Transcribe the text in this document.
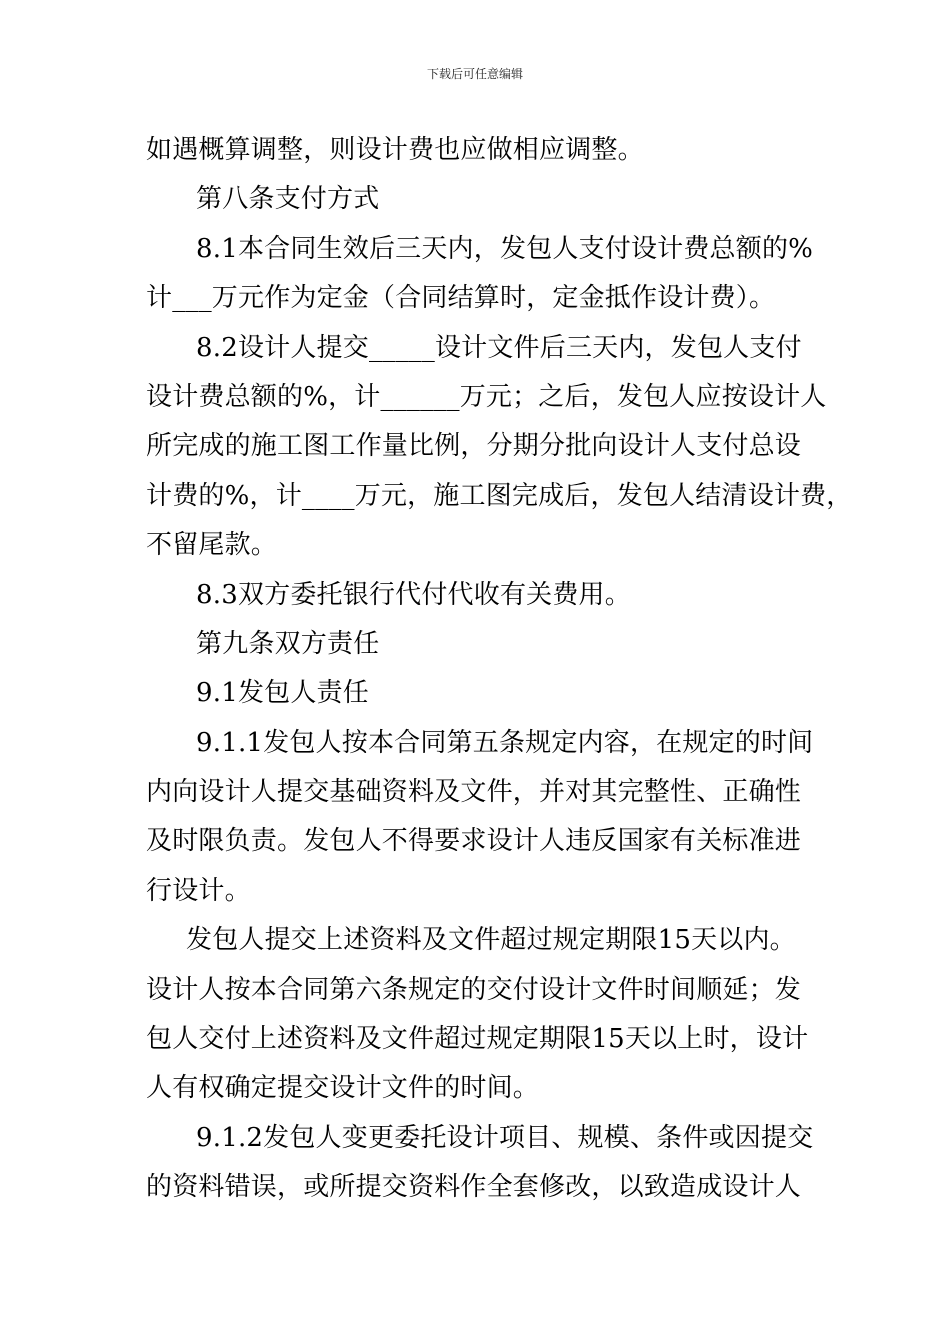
下载后可任意编辑
如遇概算调整，则设计费也应做相应调整。
第八条支付方式
8.1本合同生效后三天内，发包人支付设计费总额的%
计___万元作为定金（合同结算时，定金抵作设计费）。
8.2设计人提交_____设计文件后三天内，发包人支付
设计费总额的%，计______万元；之后，发包人应按设计人
所完成的施工图工作量比例，分期分批向设计人支付总设
计费的%，计____万元，施工图完成后，发包人结清设计费，
不留尾款。
8.3双方委托银行代付代收有关费用。
第九条双方责任
9.1发包人责任
9.1.1发包人按本合同第五条规定内容，在规定的时间
内向设计人提交基础资料及文件，并对其完整性、正确性
及时限负责。发包人不得要求设计人违反国家有关标准进
行设计。
发包人提交上述资料及文件超过规定期限15天以内。
设计人按本合同第六条规定的交付设计文件时间顺延；发
包人交付上述资料及文件超过规定期限15天以上时，设计
人有权确定提交设计文件的时间。
9.1.2发包人变更委托设计项目、规模、条件或因提交
的资料错误，或所提交资料作全套修改，以致造成设计人
